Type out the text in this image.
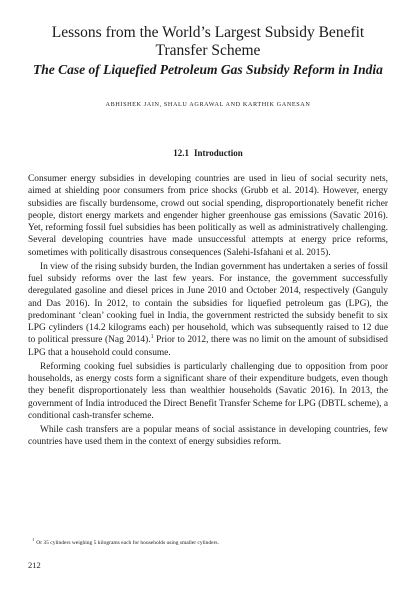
Lessons from the World’s Largest Subsidy Benefit Transfer Scheme
The Case of Liquefied Petroleum Gas Subsidy Reform in India
ABHISHEK JAIN, SHALU AGRAWAL AND KARTHIK GANESAN
12.1 Introduction

Consumer energy subsidies in developing countries are used in lieu of social security nets, aimed at shielding poor consumers from price shocks (Grubb et al. 2014). However, energy subsidies are fiscally burdensome, crowd out social spending, disproportionately benefit richer people, distort energy markets and engender higher greenhouse gas emissions (Savatic 2016). Yet, reforming fossil fuel subsidies has been politically as well as administratively challenging. Several developing countries have made unsuccessful attempts at energy price reforms, sometimes with politically disastrous consequences (Salehi-Isfahani et al. 2015).

In view of the rising subsidy burden, the Indian government has undertaken a series of fossil fuel subsidy reforms over the last few years. For instance, the government successfully deregulated gasoline and diesel prices in June 2010 and October 2014, respectively (Ganguly and Das 2016). In 2012, to contain the subsidies for liquefied petroleum gas (LPG), the predominant ‘clean’ cooking fuel in India, the government restricted the subsidy benefit to six LPG cylinders (14.2 kilograms each) per household, which was subsequently raised to 12 due to political pressure (Nag 2014).$^1$ Prior to 2012, there was no limit on the amount of subsidised LPG that a household could consume.

Reforming cooking fuel subsidies is particularly challenging due to opposition from poor households, as energy costs form a significant share of their expenditure budgets, even though they benefit disproportionately less than wealthier households (Savatic 2016). In 2013, the government of India introduced the Direct Benefit Transfer Scheme for LPG (DBTL scheme), a conditional cash-transfer scheme.

While cash transfers are a popular means of social assistance in developing countries, few countries have used them in the context of energy subsidies reform.

$^1$Or 35 cylinders weighing 5 kilograms each for households using smaller cylinders.
212
